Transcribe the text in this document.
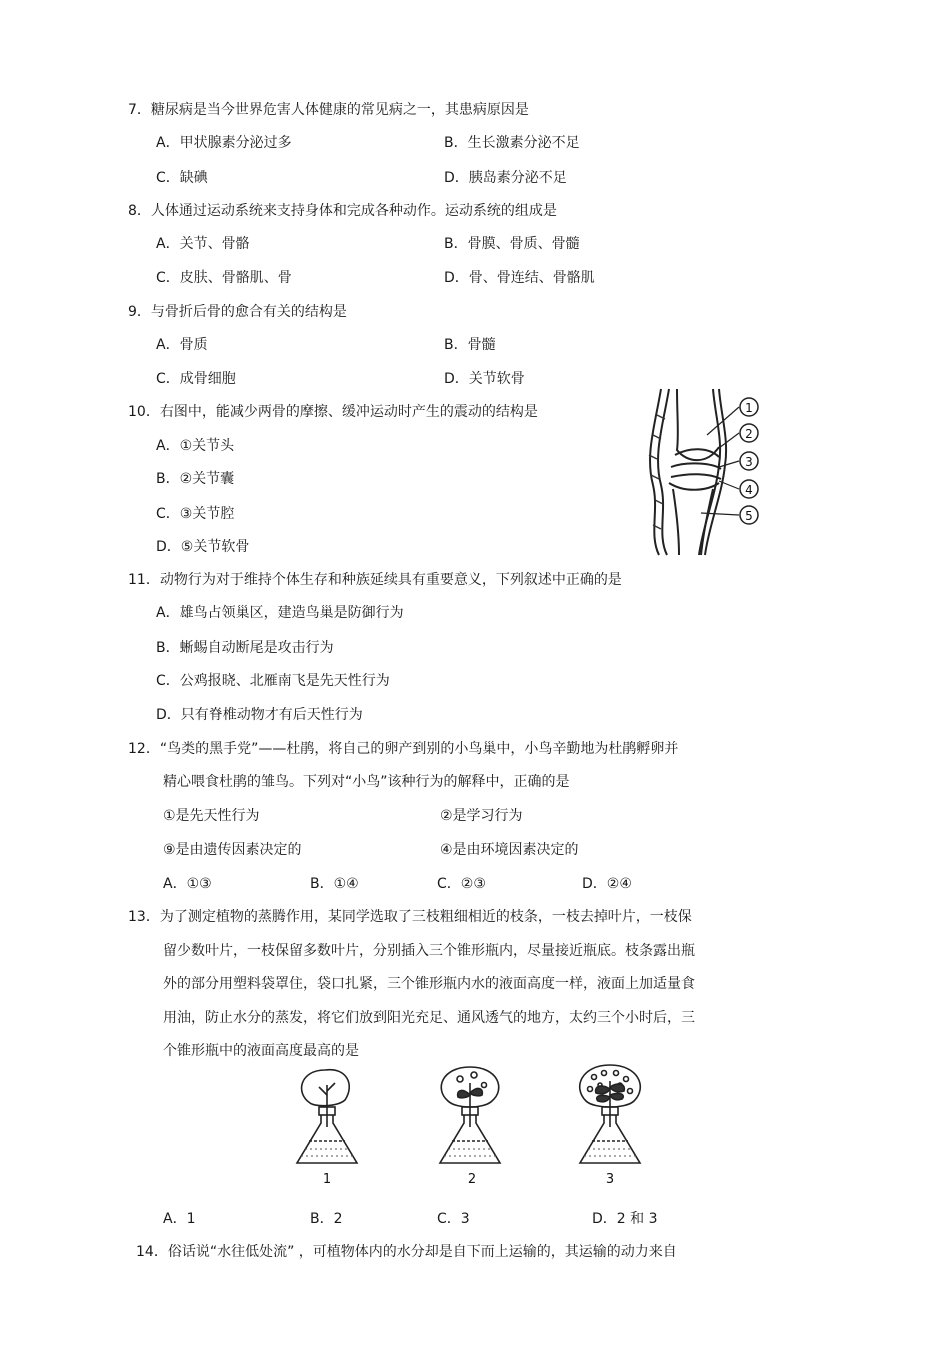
7．糖尿病是当今世界危害人体健康的常见病之一，其患病原因是
A．甲状腺素分泌过多	B．生长激素分泌不足
C．缺碘	D．胰岛素分泌不足
8．人体通过运动系统来支持身体和完成各种动作。运动系统的组成是
A．关节、骨骼	B．骨膜、骨质、骨髓
C．皮肤、骨骼肌、骨	D．骨、骨连结、骨骼肌
9．与骨折后骨的愈合有关的结构是
A．骨质	B．骨髓
C．成骨细胞	D．关节软骨
10．右图中，能减少两骨的摩擦、缓冲运动时产生的震动的结构是
A．①关节头
B．②关节囊
C．③关节腔
D．⑤关节软骨
1
2
3
4
5
11．动物行为对于维持个体生存和种族延续具有重要意义，下列叙述中正确的是
A．雄鸟占领巢区，建造鸟巢是防御行为
B．蜥蜴自动断尾是攻击行为
C．公鸡报晓、北雁南飞是先天性行为
D．只有脊椎动物才有后天性行为
12．“鸟类的黑手党”——杜鹃，将自己的卵产到别的小鸟巢中，小鸟辛勤地为杜鹃孵卵并
精心喂食杜鹃的雏鸟。下列对“小鸟”该种行为的解释中，正确的是
①是先天性行为	②是学习行为
⑨是由遗传因素决定的	④是由环境因素决定的
A．①③	B．①④	C．②③	D．②④
13．为了测定植物的蒸腾作用，某同学选取了三枝粗细相近的枝条，一枝去掉叶片，一枝保
留少数叶片，一枝保留多数叶片，分别插入三个锥形瓶内，尽量接近瓶底。枝条露出瓶
外的部分用塑料袋罩住，袋口扎紧，三个锥形瓶内水的液面高度一样，液面上加适量食
用油，防止水分的蒸发，将它们放到阳光充足、通风透气的地方，太约三个小时后，三
个锥形瓶中的液面高度最高的是
1	2	3
A．1	B．2	C．3	D．2 和 3
14．俗话说“水往低处流” ，可植物体内的水分却是自下而上运输的，其运输的动力来自
